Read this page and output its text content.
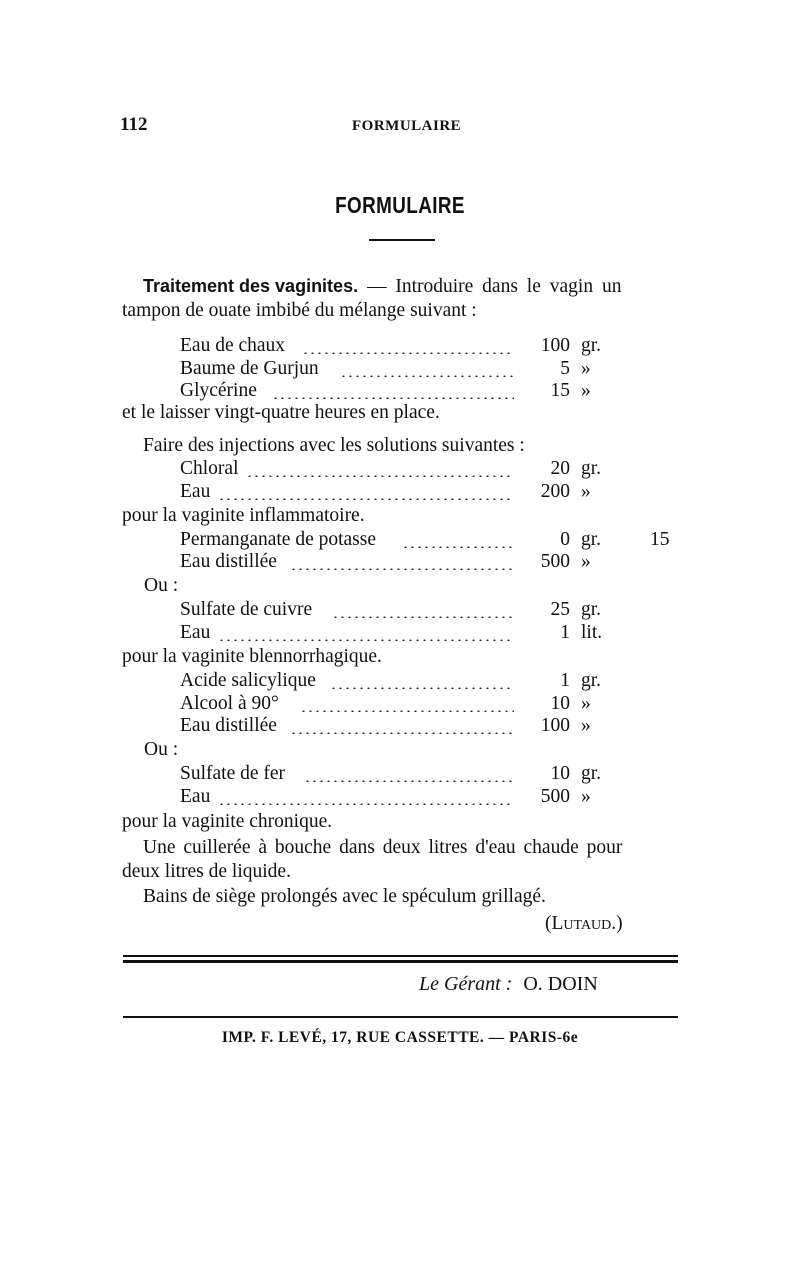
112	FORMULAIRE
FORMULAIRE
Traitement des vaginites. — Introduire dans le vagin un
tampon de ouate imbibé du mélange suivant :
Eau de chaux	100 gr.
Baume de Gurjun	5 »
Glycérine	15 »
et le laisser vingt-quatre heures en place.
Faire des injections avec les solutions suivantes :
Chloral	20 gr.
Eau	200 »
pour la vaginite inflammatoire.
Permanganate de potasse	0 gr.	15
Eau distillée	500 »
Ou :
Sulfate de cuivre	25 gr.
Eau	1 lit.
pour la vaginite blennorrhagique.
Acide salicylique	1 gr.
Alcool à 90°	10 »
Eau distillée	100 »
Ou :
Sulfate de fer	10 gr.
Eau	500 »
pour la vaginite chronique.
Une cuillerée à bouche dans deux litres d'eau chaude pour
deux litres de liquide.
Bains de siège prolongés avec le spéculum grillagé.
(Lutaud.)
Le Gérant : O. DOIN
IMP. F. LEVÉ, 17, RUE CASSETTE. — PARIS-6e
